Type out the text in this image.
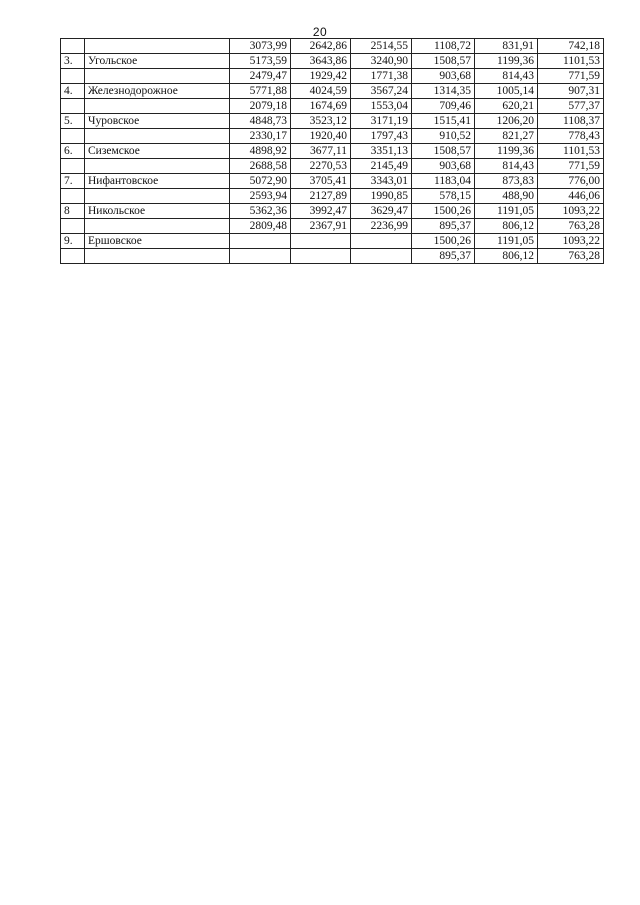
20
		3073,99	2642,86	2514,55	1108,72	831,91	742,18
3.	Угольское	5173,59	3643,86	3240,90	1508,57	1199,36	1101,53
		2479,47	1929,42	1771,38	903,68	814,43	771,59
4.	Железнодорожное	5771,88	4024,59	3567,24	1314,35	1005,14	907,31
		2079,18	1674,69	1553,04	709,46	620,21	577,37
5.	Чуровское	4848,73	3523,12	3171,19	1515,41	1206,20	1108,37
		2330,17	1920,40	1797,43	910,52	821,27	778,43
6.	Сиземское	4898,92	3677,11	3351,13	1508,57	1199,36	1101,53
		2688,58	2270,53	2145,49	903,68	814,43	771,59
7.	Нифантовское	5072,90	3705,41	3343,01	1183,04	873,83	776,00
		2593,94	2127,89	1990,85	578,15	488,90	446,06
8	Никольское	5362,36	3992,47	3629,47	1500,26	1191,05	1093,22
		2809,48	2367,91	2236,99	895,37	806,12	763,28
9.	Ершовское				1500,26	1191,05	1093,22
					895,37	806,12	763,28
